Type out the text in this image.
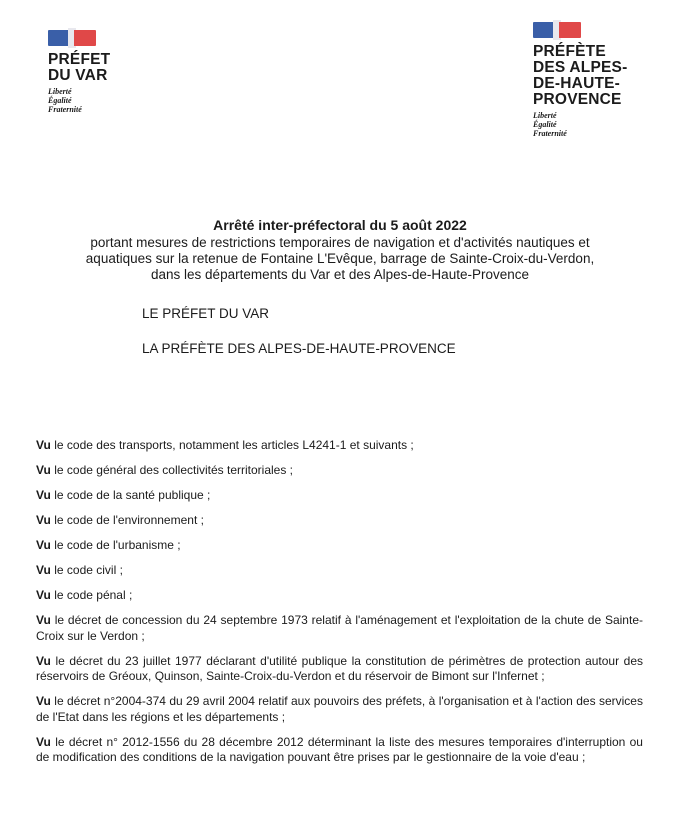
PRÉFET
DU VAR
Liberté
Égalité
Fraternité
PRÉFÈTE
DES ALPES-
DE-HAUTE-
PROVENCE
Liberté
Égalité
Fraternité
Arrêté inter-préfectoral du 5 août 2022
portant mesures de restrictions temporaires de navigation et d'activités nautiques et
aquatiques sur la retenue de Fontaine L'Evêque, barrage de Sainte-Croix-du-Verdon,
dans les départements du Var et des Alpes-de-Haute-Provence
LE PRÉFET DU VAR
LA PRÉFÈTE DES ALPES-DE-HAUTE-PROVENCE

Vu le code des transports, notamment les articles L4241-1 et suivants ;

Vu le code général des collectivités territoriales ;

Vu le code de la santé publique ;

Vu le code de l'environnement ;

Vu le code de l'urbanisme ;

Vu le code civil ;

Vu le code pénal ;

Vu le décret de concession du 24 septembre 1973 relatif à l'aménagement et l'exploitation de la chute de Sainte-Croix sur le Verdon ;

Vu le décret du 23 juillet 1977 déclarant d'utilité publique la constitution de périmètres de protection autour des réservoirs de Gréoux, Quinson, Sainte-Croix-du-Verdon et du réservoir de Bimont sur l'Infernet ;

Vu le décret n°2004-374 du 29 avril 2004 relatif aux pouvoirs des préfets, à l'organisation et à l'action des services de l'Etat dans les régions et les départements ;

Vu le décret n° 2012-1556 du 28 décembre 2012 déterminant la liste des mesures temporaires d'interruption ou de modification des conditions de la navigation pouvant être prises par le gestionnaire de la voie d'eau ;
